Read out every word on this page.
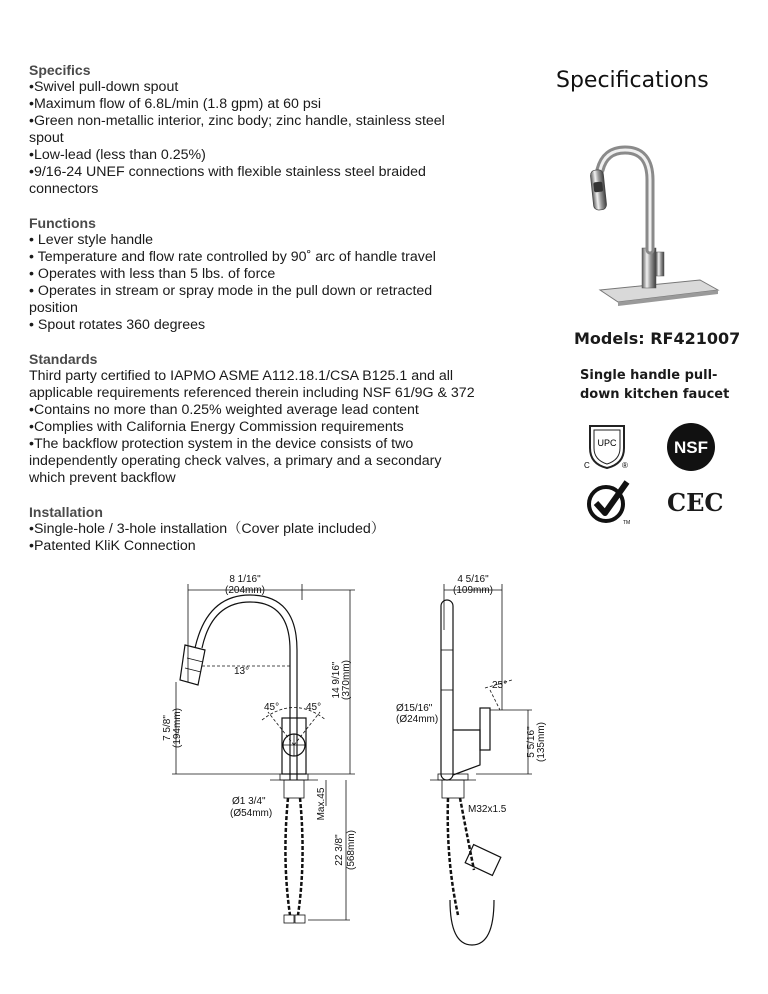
Specifics

•Swivel pull-down spout

•Maximum flow of 6.8L/min (1.8 gpm) at 60 psi

•Green non-metallic interior, zinc body; zinc handle, stainless steel

spout

•Low-lead (less than 0.25%)

•9/16-24 UNEF connections with flexible stainless steel braided

connectors

Functions

• Lever style handle

• Temperature and flow rate controlled by 90˚ arc of handle travel

• Operates with less than 5 lbs. of force

• Operates in stream or spray mode in the pull down or retracted

position

• Spout rotates 360 degrees

Standards

Third party certified to IAPMO ASME A112.18.1/CSA B125.1 and all

applicable requirements referenced therein including NSF 61/9G & 372

•Contains no more than 0.25% weighted average lead content

•Complies with California Energy Commission requirements

•The backflow protection system in the device consists of two

independently operating check valves, a primary and a secondary

which prevent backflow

Installation

•Single-hole / 3-hole installation（Cover plate included）

•Patented KliK Connection

Specifications
Models: RF421007
Single handle pull-
down kitchen faucet
UPC
C	®
NSF
TM
CEC
8 1/16"
(204mm)
13°
45°	45°
14 9/16" (370mm)
7 5/8" (194mm)
Ø1 3/4"
(Ø54mm)	Max.45
22 3/8" (568mm)
4 5/16"
(109mm)
25°
Ø15/16"
(Ø24mm)
5 5/16" (135mm)
M32x1.5
